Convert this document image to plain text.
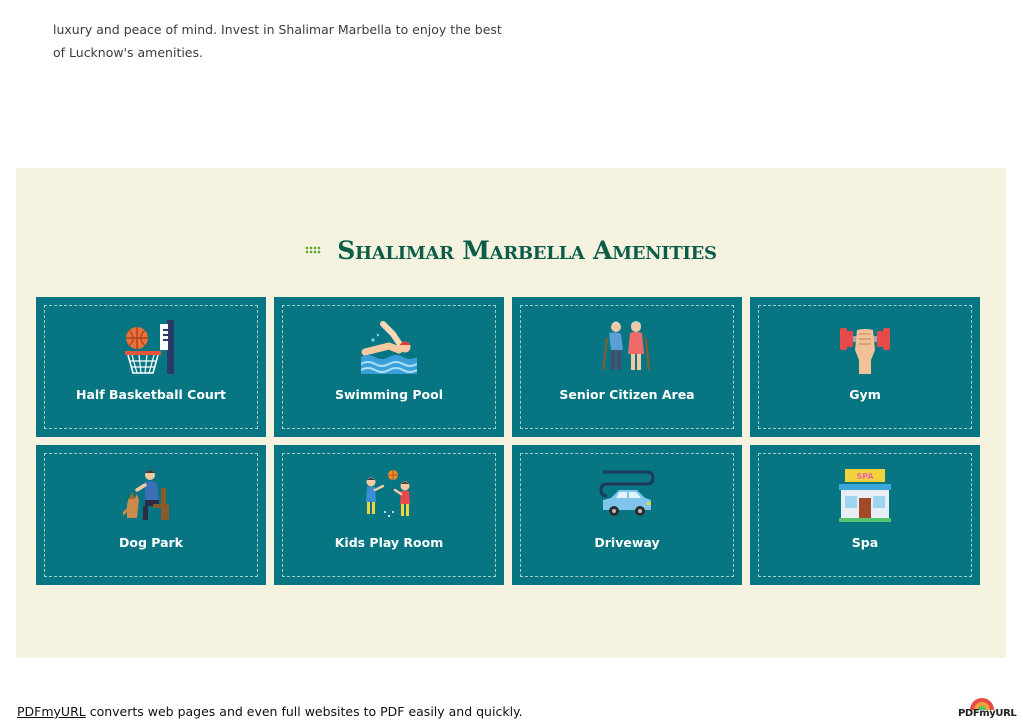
luxury and peace of mind. Invest in Shalimar Marbella to enjoy the best
of Lucknow's amenities.
Shalimar Marbella Amenities
Half Basketball Court	Swimming Pool	Senior Citizen Area	Gym
Dog Park	Kids Play Room	Driveway
SPA
Spa
PDFmyURL converts web pages and even full websites to PDF easily and quickly.	PDFmyURL
